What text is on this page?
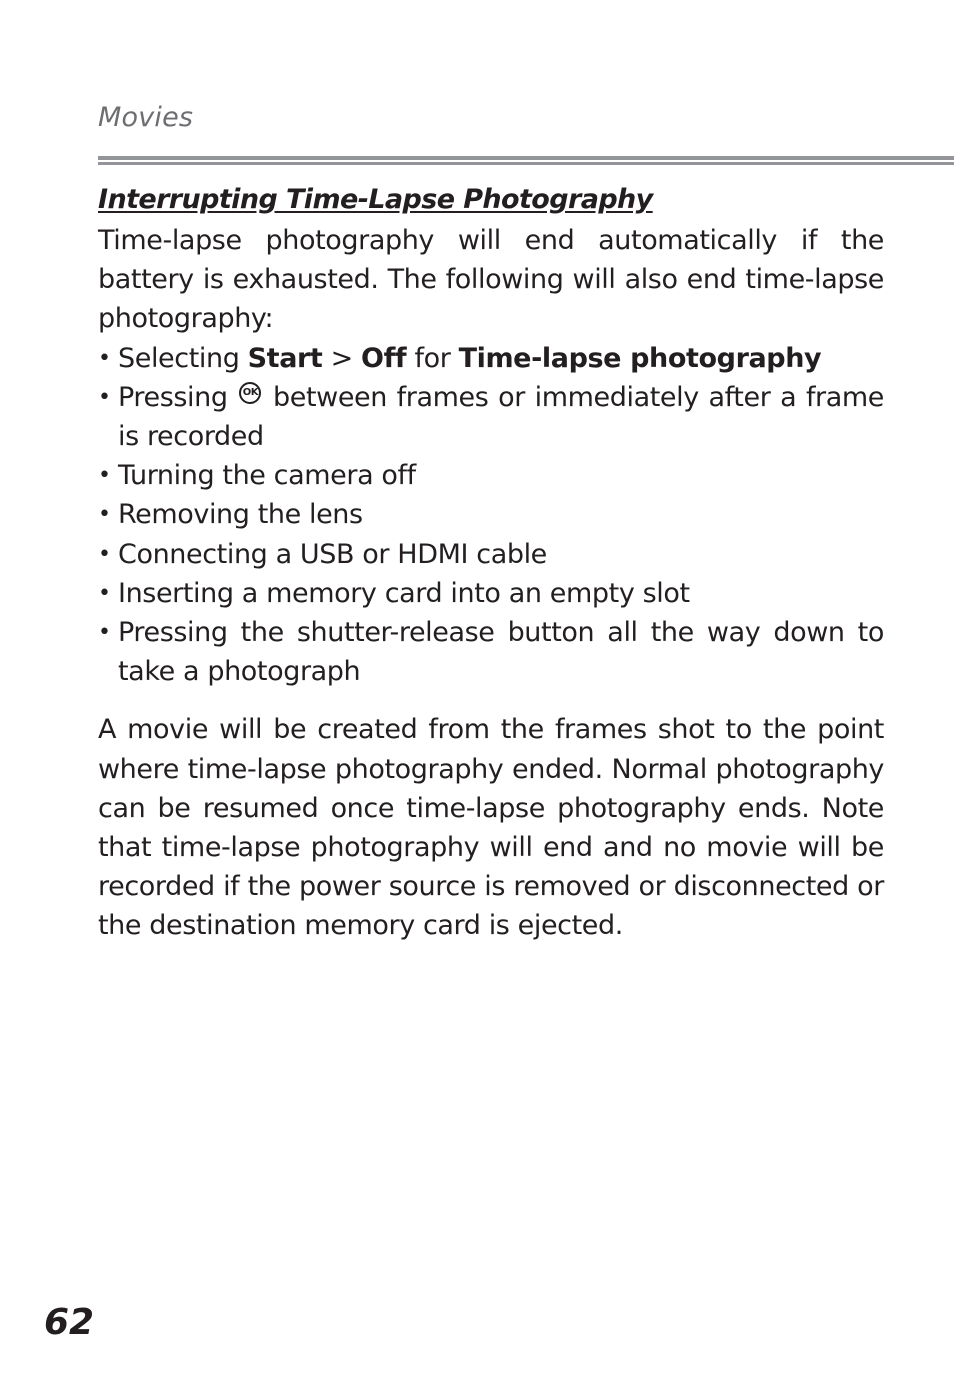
Movies
Interrupting Time-Lapse Photography

Time-lapse photography will end automatically if the battery is exhausted. The following will also end time-lapse photography:

• Selecting Start > Off for Time-lapse photography
• Pressing OK between frames or immediately after a frame is recorded
• Turning the camera off
• Removing the lens
• Connecting a USB or HDMI cable
• Inserting a memory card into an empty slot
• Pressing the shutter-release button all the way down to take a photograph

A movie will be created from the frames shot to the point where time-lapse photography ended. Normal photography can be resumed once time-lapse photography ends. Note that time-lapse photography will end and no movie will be recorded if the power source is removed or disconnected or the destination memory card is ejected.

62
